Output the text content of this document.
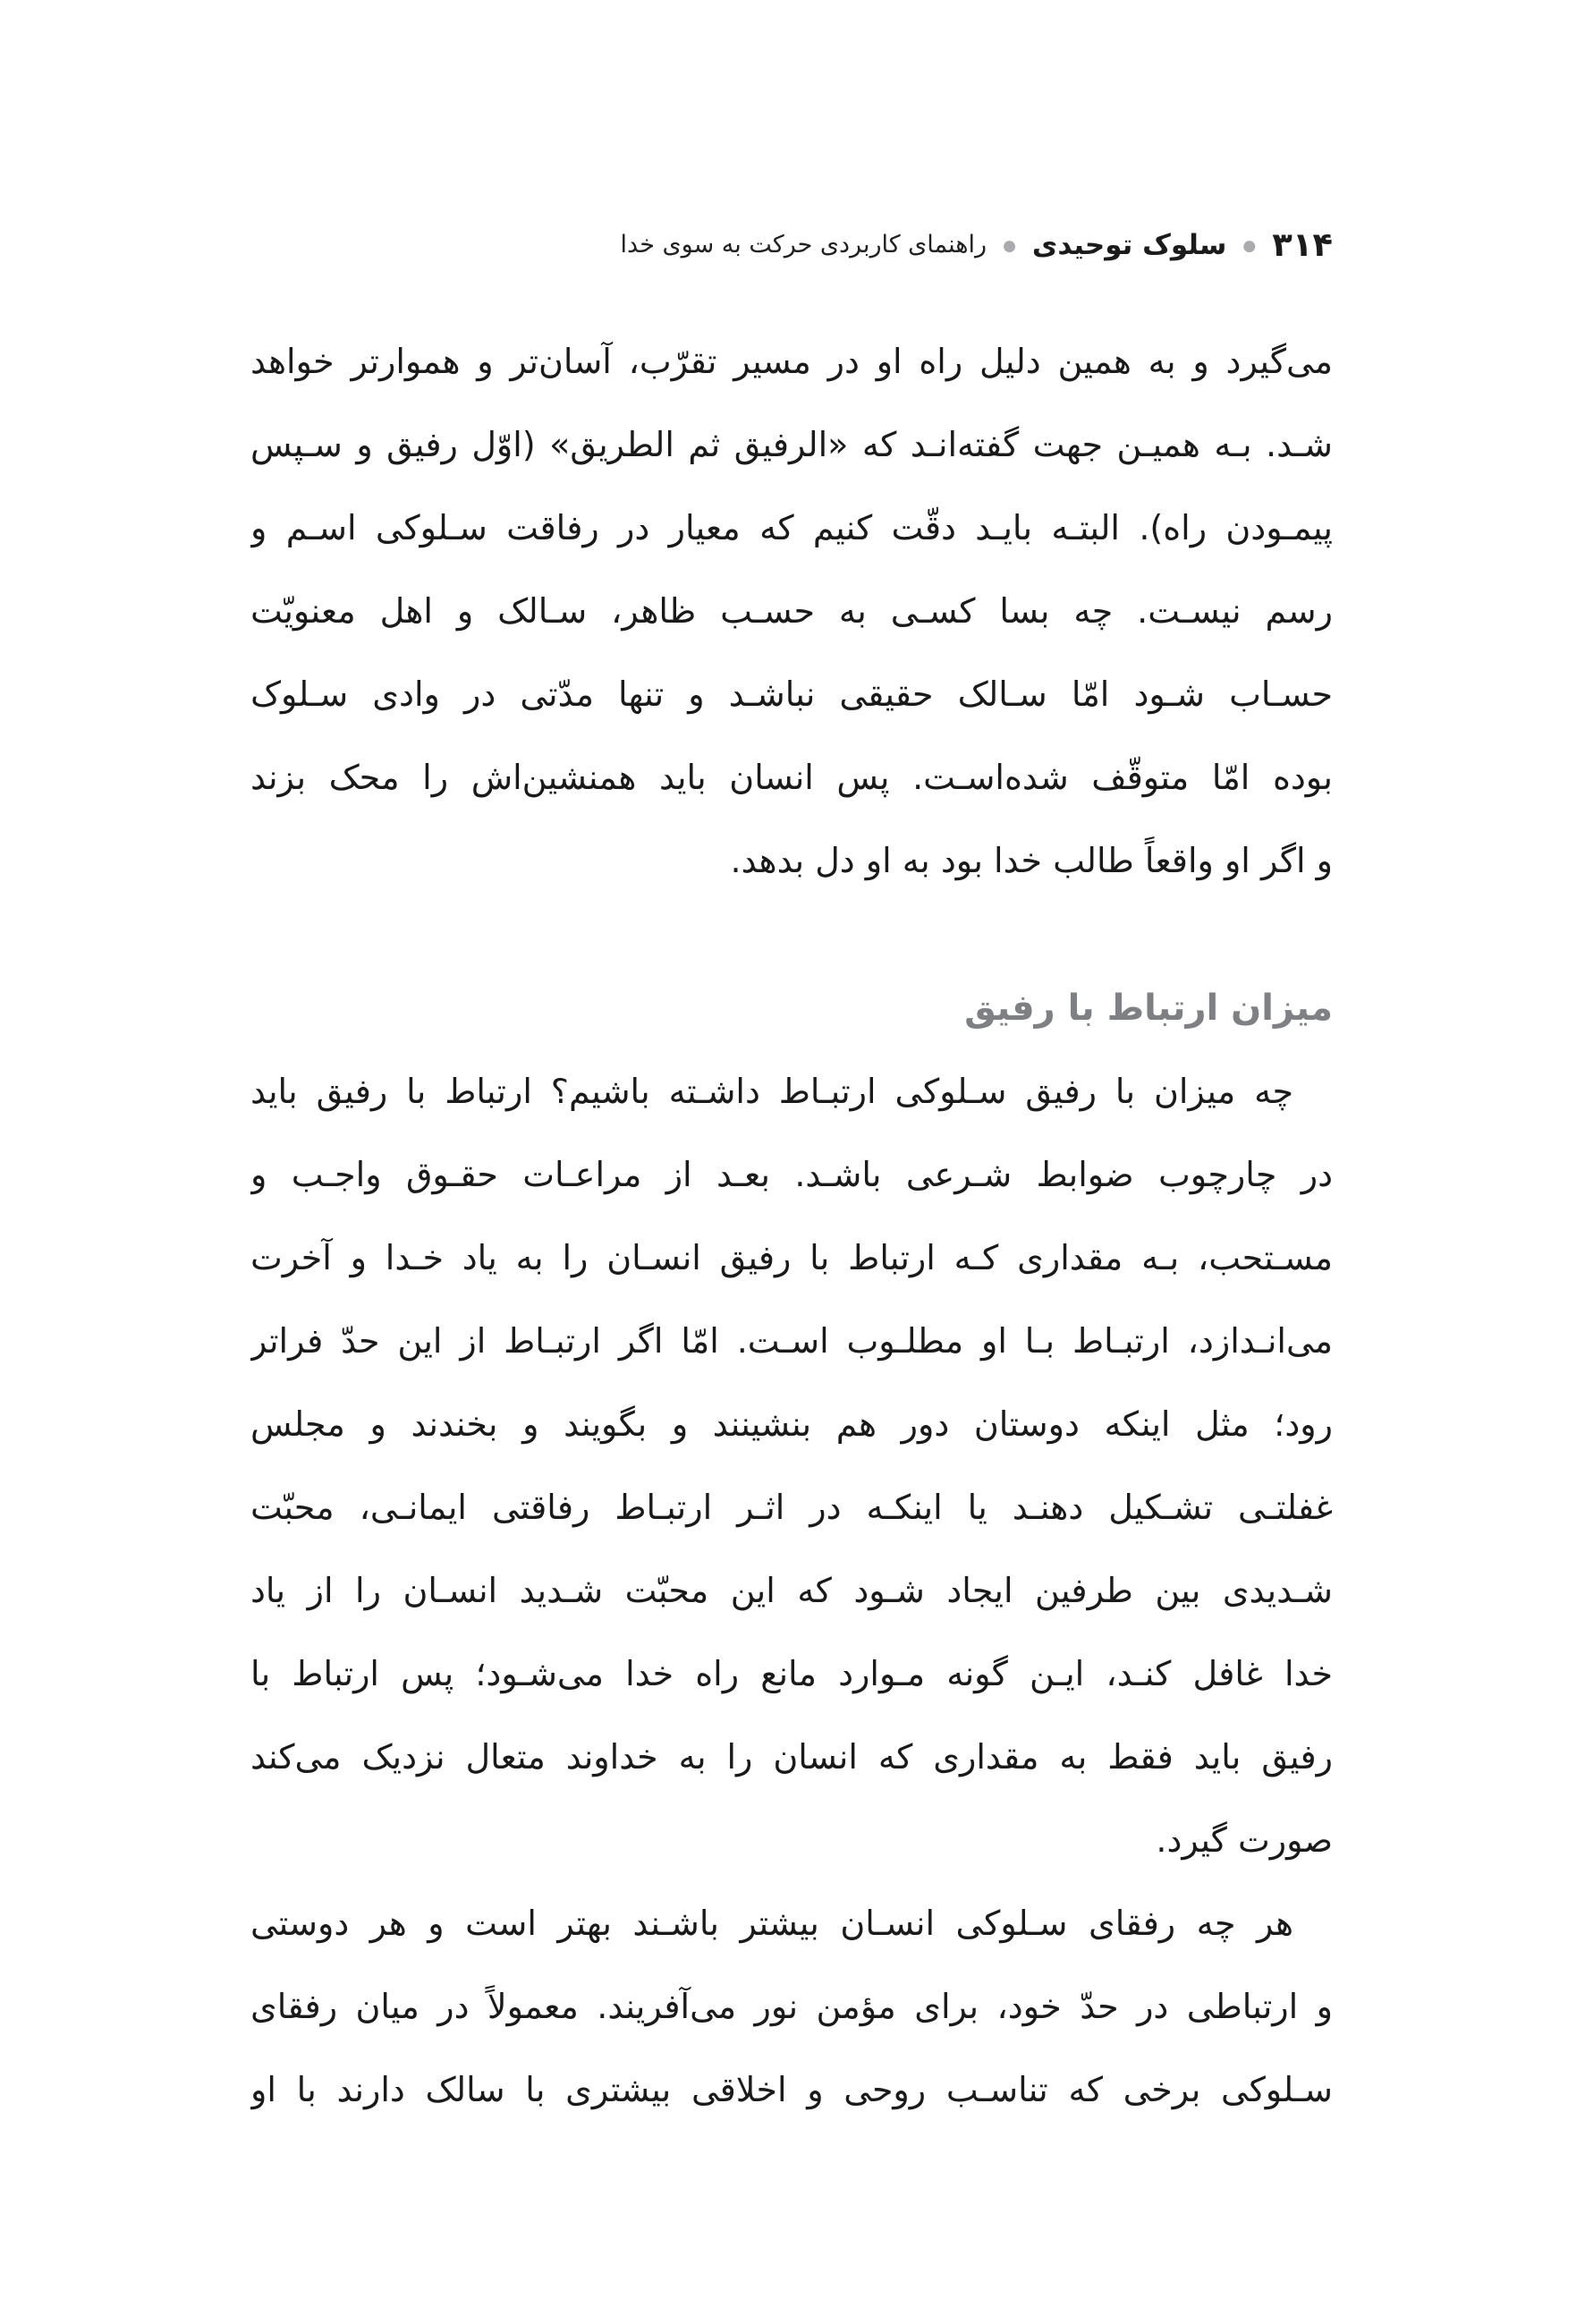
۳۱۴
●
سلوک توحیدی
●
راهنمای کاربردی حرکت به سوی خدا
می‌گیرد و به همین دلیل راه او در مسیر تقرّب، آسان‌تر و هموارتر خواهد
شـد. بـه همیـن جهت گفته‌انـد که «الرفیق ثم الطریق» (اوّل رفیق و سـپس
پیمـودن راه). البتـه بایـد دقّت کنیم که معیار در رفاقت سـلوکی اسـم و
رسم نیسـت. چه بسا کسـی به حسـب ظاهر، سـالک و اهل معنویّت
حسـاب شـود امّا سـالک حقیقی نباشـد و تنها مدّتی در وادی سـلوک
بوده امّا متوقّف شده‌اسـت. پس انسان باید همنشین‌اش را محک بزند
و اگر او واقعاً طالب خدا بود به او دل بدهد.
میزان ارتباط با رفیق
چه میزان با رفیق سـلوکی ارتبـاط داشـته باشیم؟ ارتباط با رفیق باید
در چارچوب ضوابط شـرعی باشـد. بعـد از مراعـات حقـوق واجـب و
مسـتحب، بـه مقداری کـه ارتباط با رفیق انسـان را به یاد خـدا و آخرت
می‌انـدازد، ارتبـاط بـا او مطلـوب اسـت. امّا اگر ارتبـاط از این حدّ فراتر
رود؛ مثل اینکه دوستان دور هم بنشینند و بگویند و بخندند و مجلس
غفلتـی تشـکیل دهنـد یا اینکـه در اثـر ارتبـاط رفاقتی ایمانـی، محبّت
شـدیدی بین طرفین ایجاد شـود که این محبّت شـدید انسـان را از یاد
خدا غافل کنـد، ایـن گونه مـوارد مانع راه خدا می‌شـود؛ پس ارتباط با
رفیق باید فقط به مقداری که انسان را به خداوند متعال نزدیک می‌کند
صورت گیرد.
هر چه رفقای سـلوکی انسـان بیشتر باشـند بهتر است و هر دوستی
و ارتباطی در حدّ خود، برای مؤمن نور می‌آفریند. معمولاً در میان رفقای
سـلوکی برخی که تناسـب روحی و اخلاقی بیشتری با سالک دارند با او
